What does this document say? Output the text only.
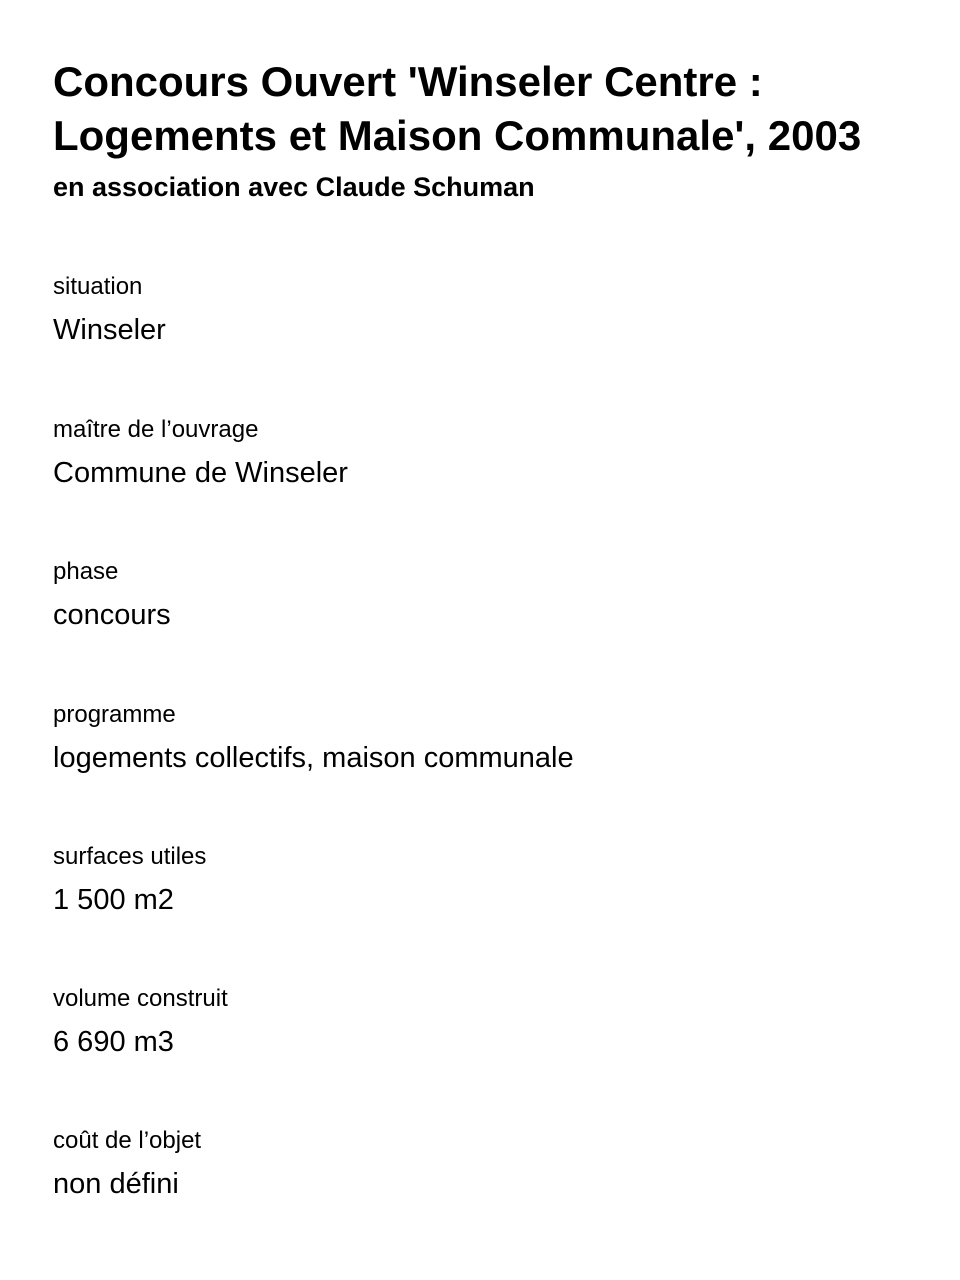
Concours Ouvert 'Winseler Centre :
Logements et Maison Communale', 2003

en association avec Claude Schuman

situation
Winseler
maître de l’ouvrage
Commune de Winseler
phase
concours
programme
logements collectifs, maison communale
surfaces utiles
1 500 m2
volume construit
6 690 m3
coût de l’objet
non défini
